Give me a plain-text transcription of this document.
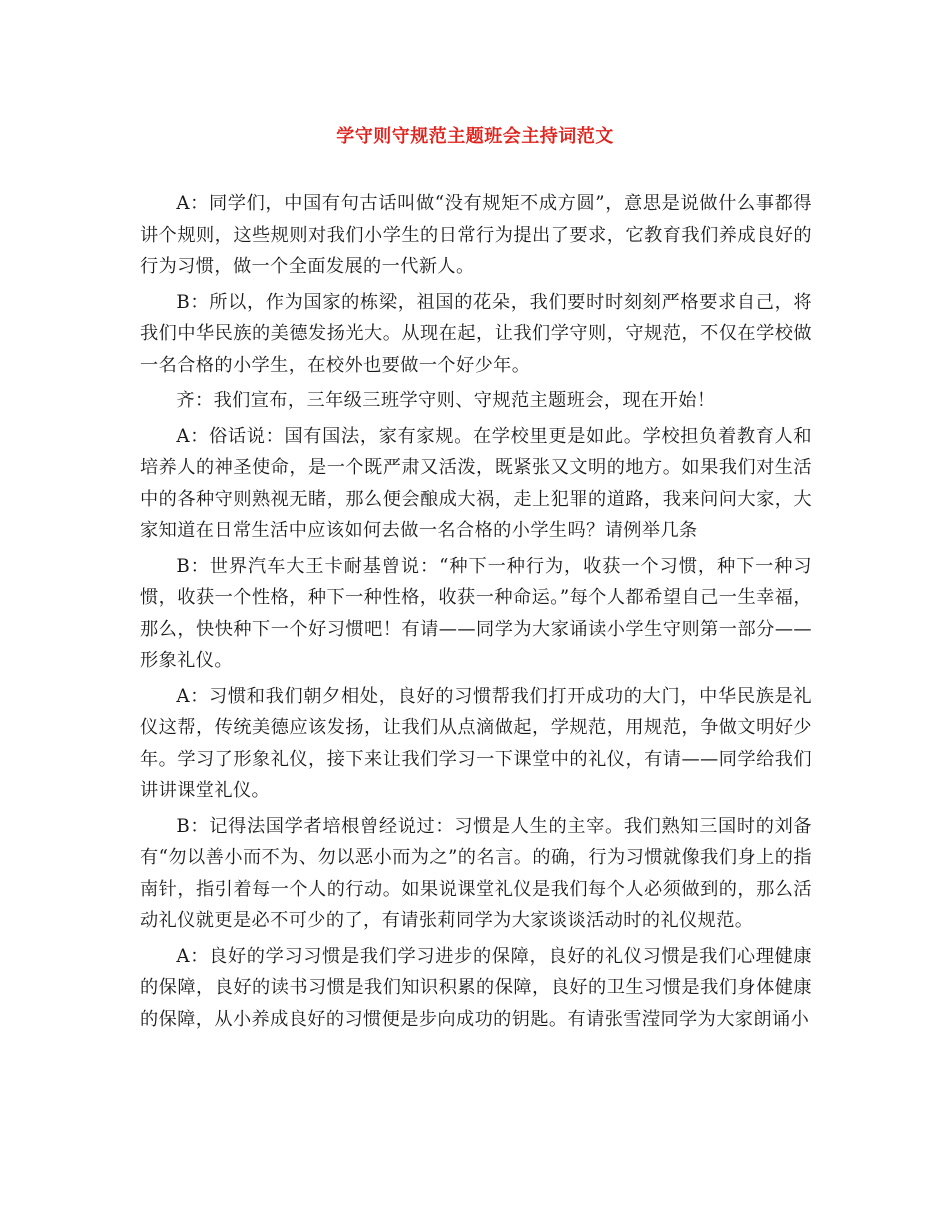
学守则守规范主题班会主持词范文

A：同学们，中国有句古话叫做“没有规矩不成方圆”，意思是说做什么事都得讲个规则，这些规则对我们小学生的日常行为提出了要求，它教育我们养成良好的行为习惯，做一个全面发展的一代新人。

B：所以，作为国家的栋梁，祖国的花朵，我们要时时刻刻严格要求自己，将我们中华民族的美德发扬光大。从现在起，让我们学守则，守规范，不仅在学校做一名合格的小学生，在校外也要做一个好少年。

齐：我们宣布，三年级三班学守则、守规范主题班会，现在开始！

A：俗话说：国有国法，家有家规。在学校里更是如此。学校担负着教育人和培养人的神圣使命，是一个既严肃又活泼，既紧张又文明的地方。如果我们对生活中的各种守则熟视无睹，那么便会酿成大祸，走上犯罪的道路，我来问问大家，大家知道在日常生活中应该如何去做一名合格的小学生吗？请例举几条

B：世界汽车大王卡耐基曾说：“种下一种行为，收获一个习惯，种下一种习惯，收获一个性格，种下一种性格，收获一种命运。”每个人都希望自己一生幸福，那么，快快种下一个好习惯吧！有请——同学为大家诵读小学生守则第一部分——形象礼仪。

A：习惯和我们朝夕相处，良好的习惯帮我们打开成功的大门，中华民族是礼仪这帮，传统美德应该发扬，让我们从点滴做起，学规范，用规范，争做文明好少年。学习了形象礼仪，接下来让我们学习一下课堂中的礼仪，有请——同学给我们讲讲课堂礼仪。

B：记得法国学者培根曾经说过：习惯是人生的主宰。我们熟知三国时的刘备有“勿以善小而不为、勿以恶小而为之”的名言。的确，行为习惯就像我们身上的指南针，指引着每一个人的行动。如果说课堂礼仪是我们每个人必须做到的，那么活动礼仪就更是必不可少的了，有请张莉同学为大家谈谈活动时的礼仪规范。

A：良好的学习习惯是我们学习进步的保障，良好的礼仪习惯是我们心理健康的保障，良好的读书习惯是我们知识积累的保障，良好的卫生习惯是我们身体健康的保障，从小养成良好的习惯便是步向成功的钥匙。有请张雪滢同学为大家朗诵小
